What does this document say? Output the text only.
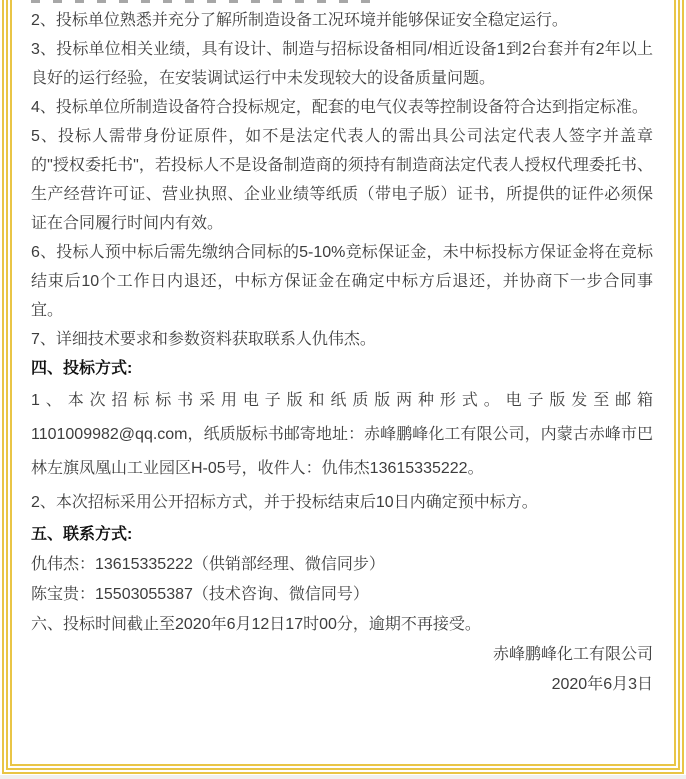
2、投标单位熟悉并充分了解所制造设备工况环境并能够保证安全稳定运行。

3、投标单位相关业绩，具有设计、制造与招标设备相同/相近设备1到2台套并有2年以上良好的运行经验，在安装调试运行中未发现较大的设备质量问题。

4、投标单位所制造设备符合投标规定，配套的电气仪表等控制设备符合达到指定标准。

5、投标人需带身份证原件，如不是法定代表人的需出具公司法定代表人签字并盖章的"授权委托书"，若投标人不是设备制造商的须持有制造商法定代表人授权代理委托书、生产经营许可证、营业执照、企业业绩等纸质（带电子版）证书，所提供的证件必须保证在合同履行时间内有效。

6、投标人预中标后需先缴纳合同标的5-10%竞标保证金，未中标投标方保证金将在竞标结束后10个工作日内退还，中标方保证金在确定中标方后退还，并协商下一步合同事宜。

7、详细技术要求和参数资料获取联系人仇伟杰。

四、投标方式:

1、本次招标标书采用电子版和纸质版两种形式。电子版发至邮箱1101009982@qq.com，纸质版标书邮寄地址：赤峰鹏峰化工有限公司，内蒙古赤峰市巴林左旗凤凰山工业园区H-05号，收件人：仇伟杰13615335222。

2、本次招标采用公开招标方式，并于投标结束后10日内确定预中标方。

五、联系方式:

仇伟杰：13615335222（供销部经理、微信同步）

陈宝贵：15503055387（技术咨询、微信同号）

六、投标时间截止至2020年6月12日17时00分，逾期不再接受。

赤峰鹏峰化工有限公司

2020年6月3日
